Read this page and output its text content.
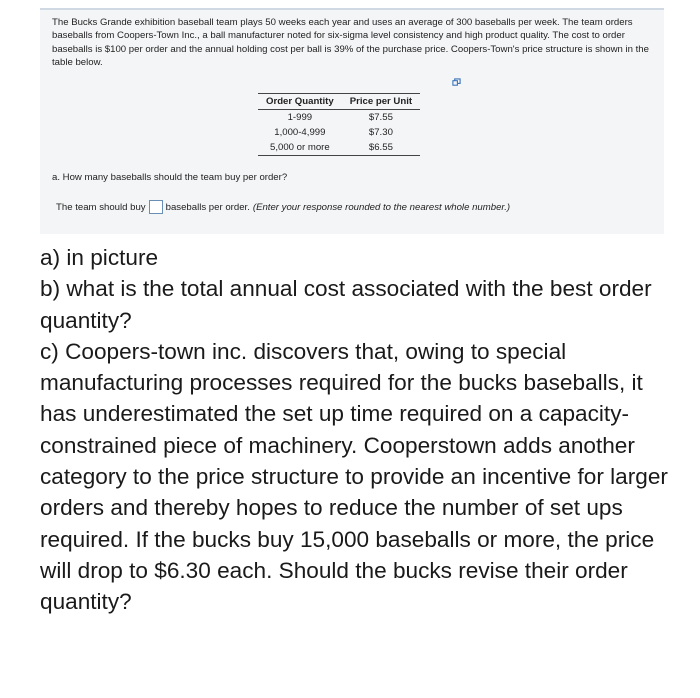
The Bucks Grande exhibition baseball team plays 50 weeks each year and uses an average of 300 baseballs per week. The team orders baseballs from Coopers-Town Inc., a ball manufacturer noted for six-sigma level consistency and high product quality. The cost to order baseballs is $100 per order and the annual holding cost per ball is 39% of the purchase price. Coopers-Town's price structure is shown in the table below.
Order Quantity	Price per Unit
1-999	$7.55
1,000-4,999	$7.30
5,000 or more	$6.55
a. How many baseballs should the team buy per order?
The team should buy baseballs per order. (Enter your response rounded to the nearest whole number.)

a) in picture

b) what is the total annual cost associated with the best order quantity?

c) Coopers-town inc. discovers that, owing to special manufacturing processes required for the bucks baseballs, it has underestimated the set up time required on a capacity- constrained piece of machinery. Cooperstown adds another category to the price structure to provide an incentive for larger orders and thereby hopes to reduce the number of set ups required. If the bucks buy 15,000 baseballs or more, the price will drop to $6.30 each. Should the bucks revise their order quantity?
